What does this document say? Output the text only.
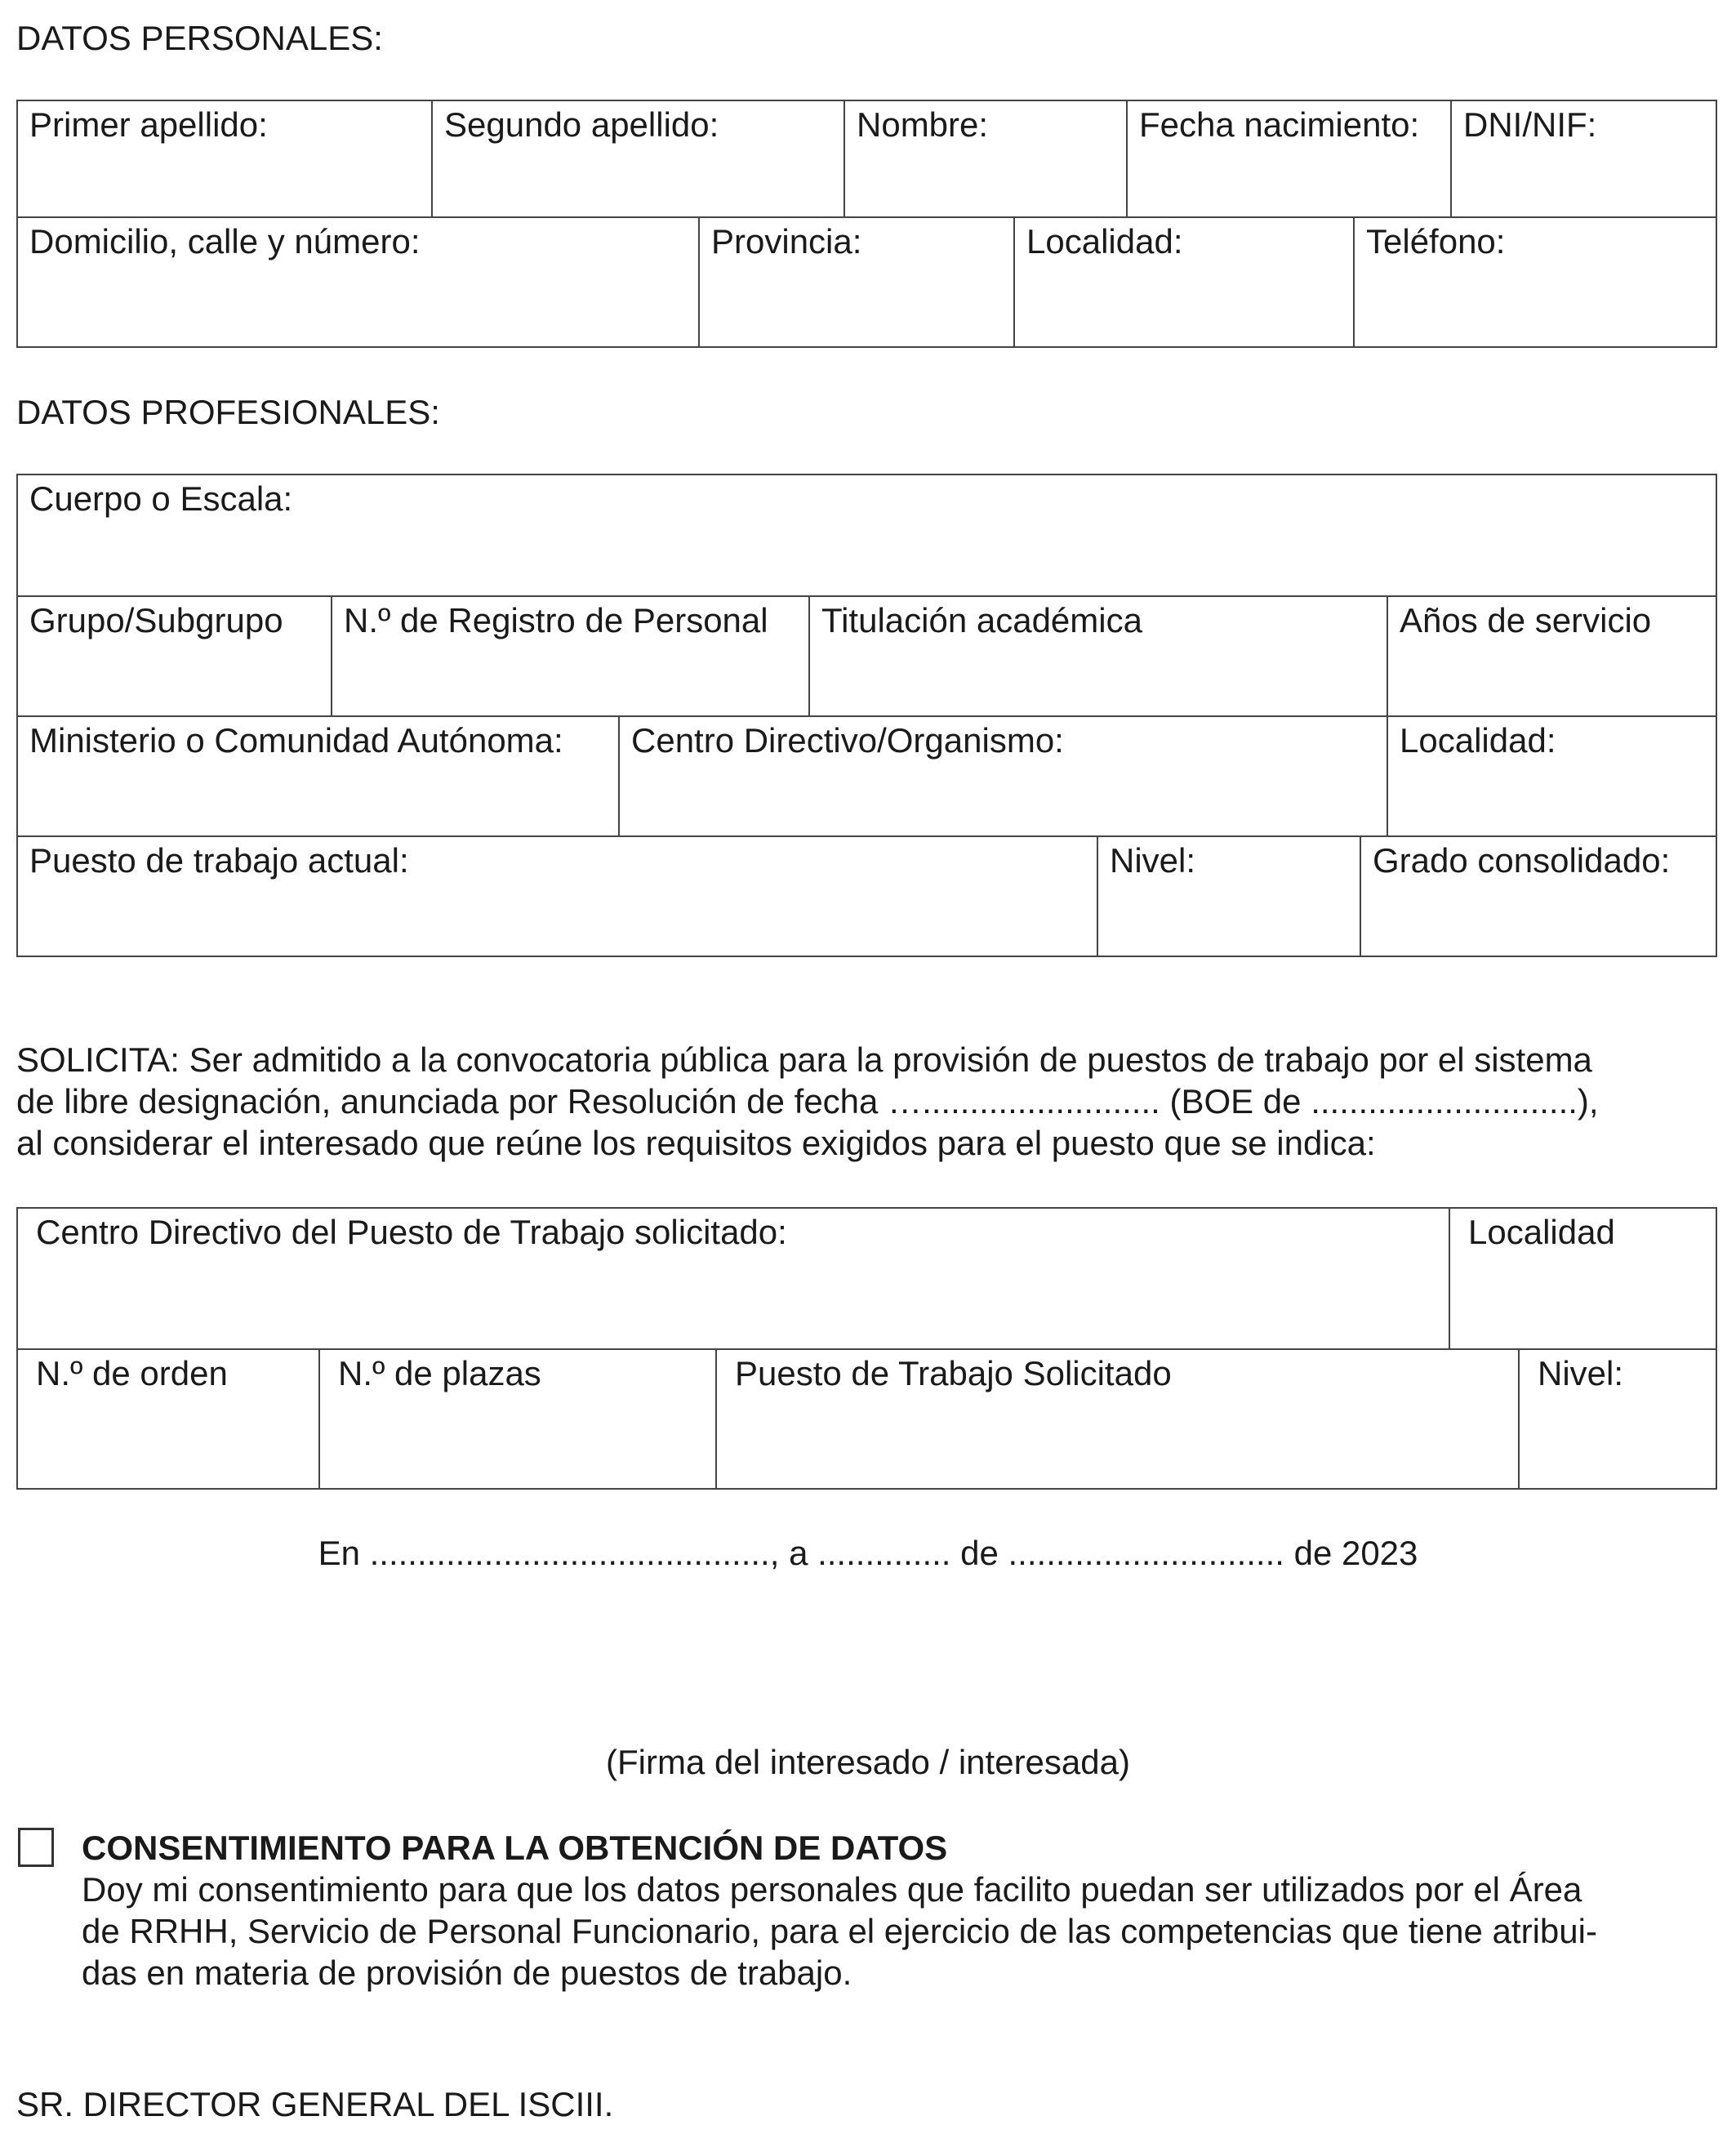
DATOS PERSONALES:
Primer apellido:	Segundo apellido:	Nombre:	Fecha nacimiento:	DNI/NIF:
Domicilio, calle y número:	Provincia:	Localidad:	Teléfono:
DATOS PROFESIONALES:
Cuerpo o Escala:
Grupo/Subgrupo	N.º de Registro de Personal	Titulación académica	Años de servicio
Ministerio o Comunidad Autónoma:	Centro Directivo/Organismo:	Localidad:
Puesto de trabajo actual:	Nivel:	Grado consolidado:
SOLICITA: Ser admitido a la convocatoria pública para la provisión de puestos de trabajo por el sistema
de libre designación, anunciada por Resolución de fecha …......................... (BOE de ............................),
al considerar el interesado que reúne los requisitos exigidos para el puesto que se indica:
Centro Directivo del Puesto de Trabajo solicitado:	Localidad
N.º de orden	N.º de plazas	Puesto de Trabajo Solicitado	Nivel:
En .........................................., a .............. de ............................. de 2023
(Firma del interesado / interesada)
CONSENTIMIENTO PARA LA OBTENCIÓN DE DATOS
Doy mi consentimiento para que los datos personales que facilito puedan ser utilizados por el Área
de RRHH, Servicio de Personal Funcionario, para el ejercicio de las competencias que tiene atribui-
das en materia de provisión de puestos de trabajo.
SR. DIRECTOR GENERAL DEL ISCIII.
